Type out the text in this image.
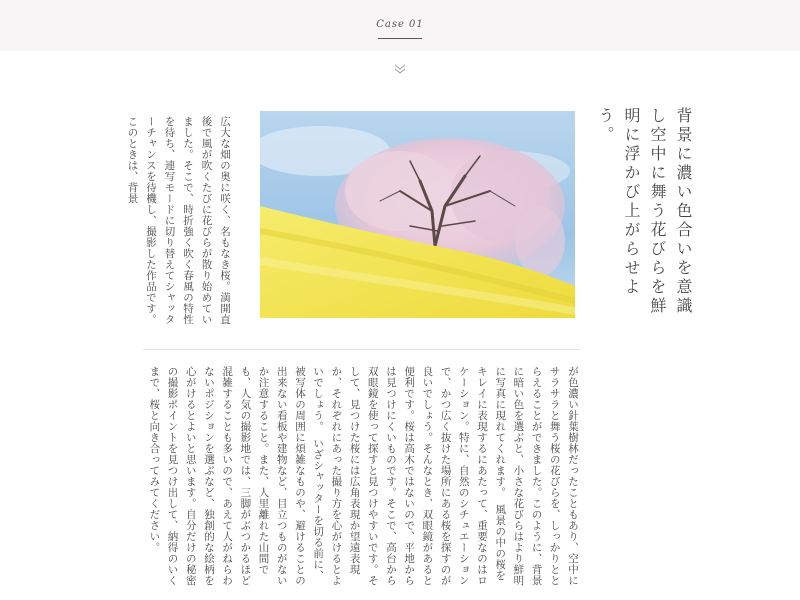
Case 01
背景に濃い色合いを意識し空中に舞う花びらを鮮明に浮かび上がらせよう。
広大な畑の奥に咲く、名もなき桜。満開直後で風が吹くたびに花びらが散り始めていました。そこで、時折強く吹く春風の特性を待ち、連写モードに切り替えてシャッターチャンスを待機し、撮影した作品です。このときは、背景
が色濃い針葉樹林だったこともあり、空中にサラサラと舞う桜の花びらを、しっかりととらえることができました。このように、背景に暗い色を選ぶと、小さな花びらはより鮮明に写真に現れてくれます。　風景の中の桜をキレイに表現するにあたって、重要なのはロケーション。特に、自然のシチュエーションで、かつ広く抜けた場所にある桜を探すのが良いでしょう。そんなとき、双眼鏡があると便利です。桜は高木ではないので、平地からは見つけにくいものです。そこで、高台から双眼鏡を使って探すと見つけやすいです。そして、見つけた桜には広角表現か望遠表現か、それぞれにあった撮り方を心がけるとよいでしょう。　いざシャッターを切る前に、被写体の周囲に煩雑なものや、避けることの出来ない看板や建物など、目立つものがないか注意すること。また、人里離れた山間でも、人気の撮影地では、三脚がぶつかるほど混雑することも多いので、あえて人がねらわないポジションを選ぶなど、独創的な絵柄を心がけるとよいと思います。自分だけの秘密の撮影ポイントを見つけ出して、納得のいくまで、桜と向き合ってみてください。
